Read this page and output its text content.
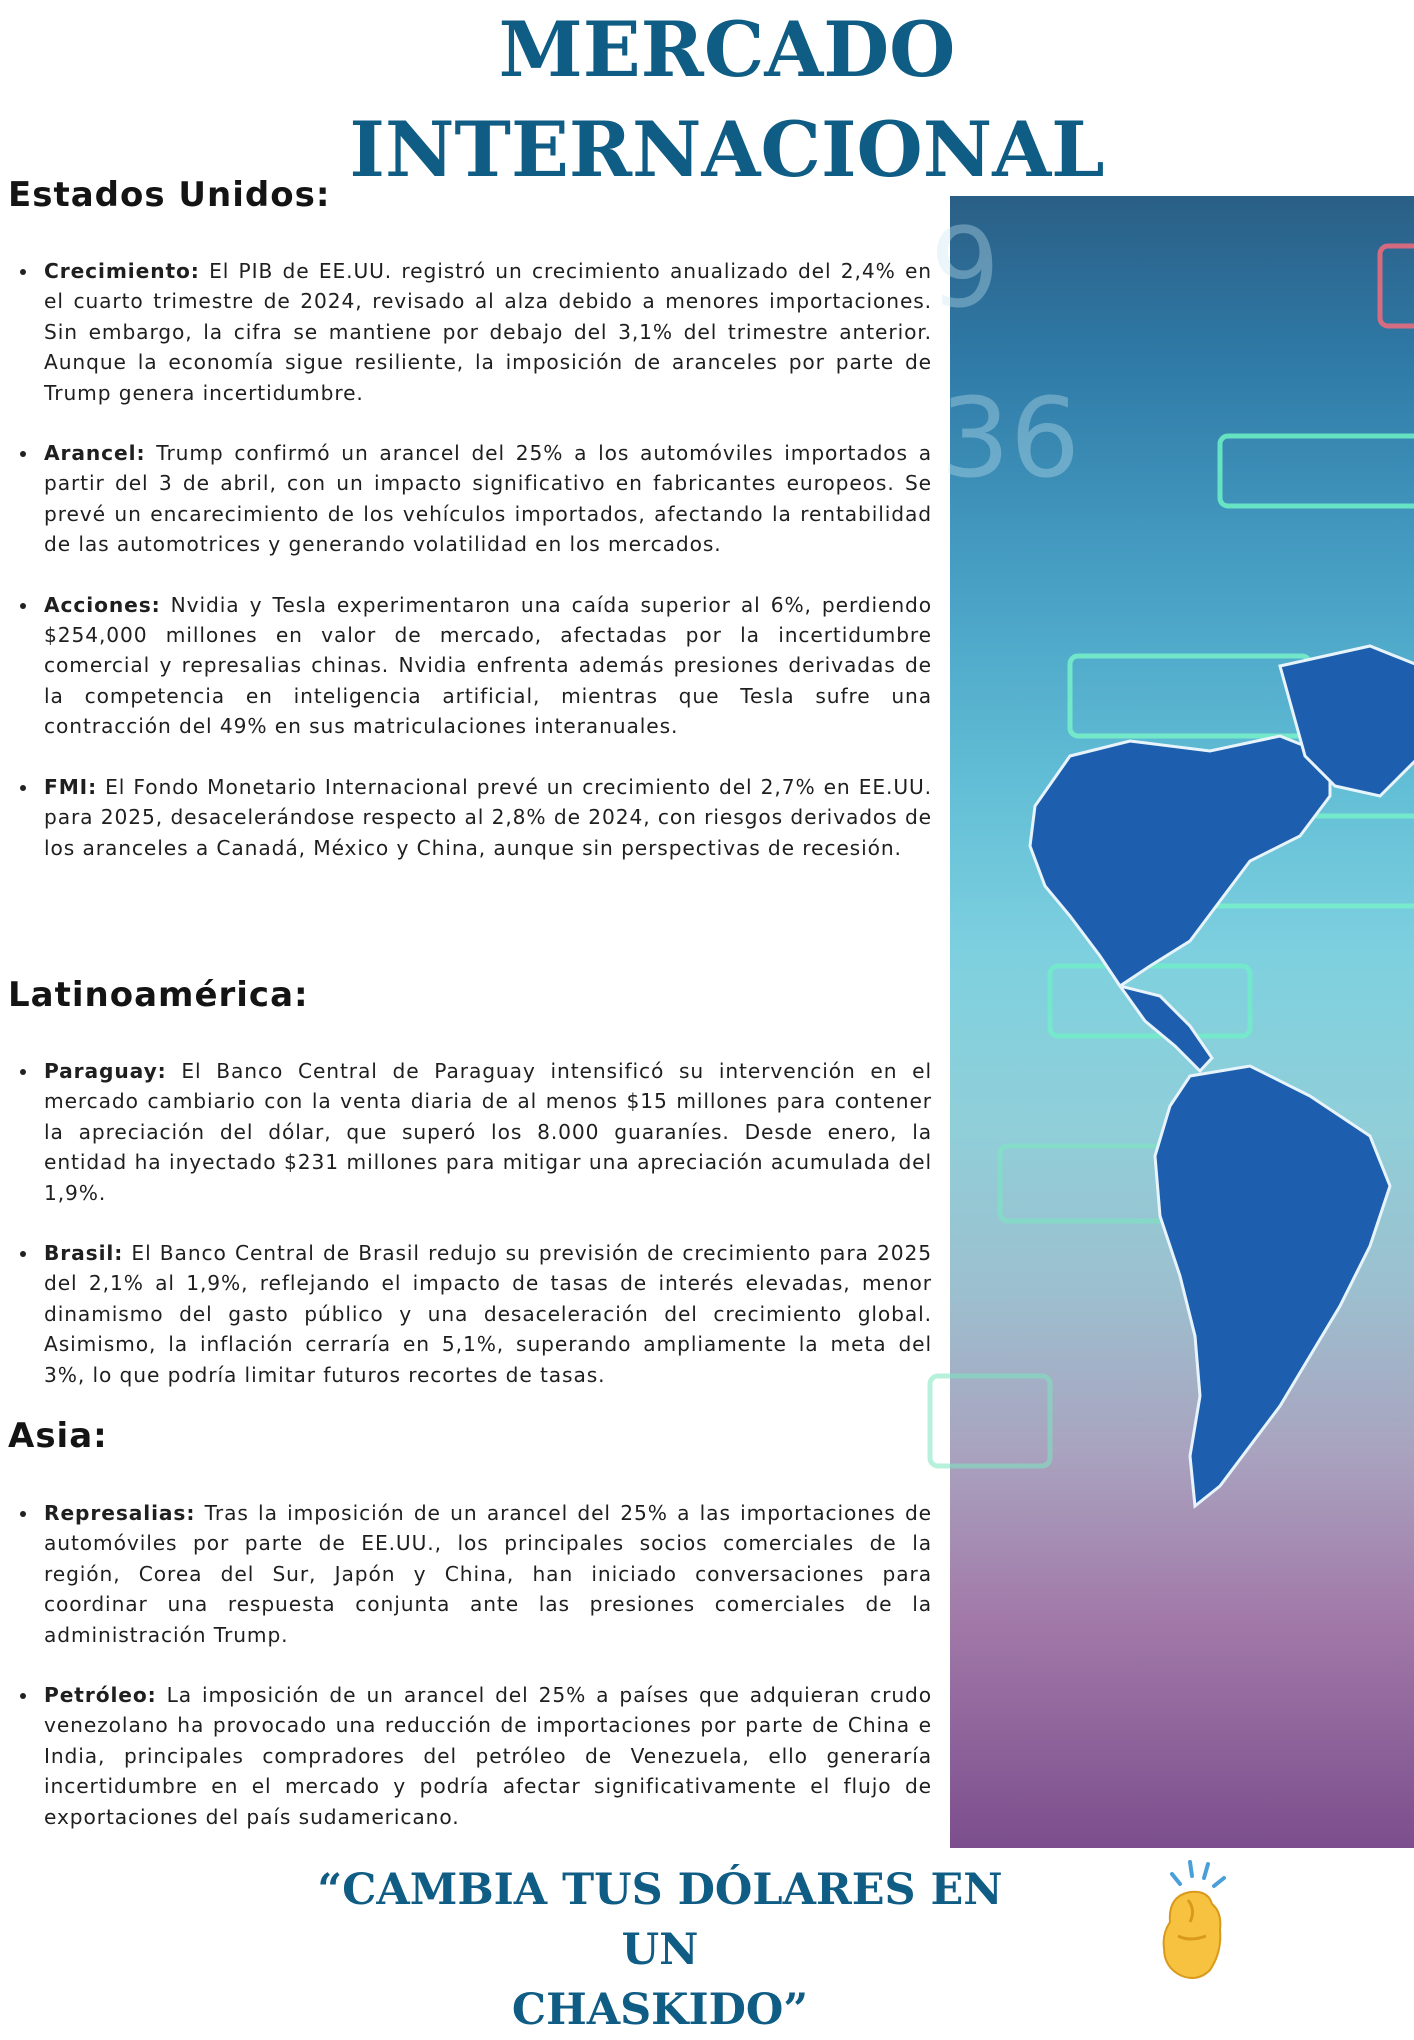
MERCADO
INTERNACIONAL
Estados Unidos:
Crecimiento: El PIB de EE.UU. registró un crecimiento anualizado del 2,4% en el cuarto trimestre de 2024, revisado al alza debido a menores importaciones. Sin embargo, la cifra se mantiene por debajo del 3,1% del trimestre anterior. Aunque la economía sigue resiliente, la imposición de aranceles por parte de Trump genera incertidumbre.
Arancel: Trump confirmó un arancel del 25% a los automóviles importados a partir del 3 de abril, con un impacto significativo en fabricantes europeos. Se prevé un encarecimiento de los vehículos importados, afectando la rentabilidad de las automotrices y generando volatilidad en los mercados.
Acciones: Nvidia y Tesla experimentaron una caída superior al 6%, perdiendo $254,000 millones en valor de mercado, afectadas por la incertidumbre comercial y represalias chinas. Nvidia enfrenta además presiones derivadas de la competencia en inteligencia artificial, mientras que Tesla sufre una contracción del 49% en sus matriculaciones interanuales.
FMI: El Fondo Monetario Internacional prevé un crecimiento del 2,7% en EE.UU. para 2025, desacelerándose respecto al 2,8% de 2024, con riesgos derivados de los aranceles a Canadá, México y China, aunque sin perspectivas de recesión.
Latinoamérica:
Paraguay: El Banco Central de Paraguay intensificó su intervención en el mercado cambiario con la venta diaria de al menos $15 millones para contener la apreciación del dólar, que superó los 8.000 guaraníes. Desde enero, la entidad ha inyectado $231 millones para mitigar una apreciación acumulada del 1,9%.
Brasil: El Banco Central de Brasil redujo su previsión de crecimiento para 2025 del 2,1% al 1,9%, reflejando el impacto de tasas de interés elevadas, menor dinamismo del gasto público y una desaceleración del crecimiento global. Asimismo, la inflación cerraría en 5,1%, superando ampliamente la meta del 3%, lo que podría limitar futuros recortes de tasas.
Asia:
Represalias: Tras la imposición de un arancel del 25% a las importaciones de automóviles por parte de EE.UU., los principales socios comerciales de la región, Corea del Sur, Japón y China, han iniciado conversaciones para coordinar una respuesta conjunta ante las presiones comerciales de la administración Trump.
Petróleo: La imposición de un arancel del 25% a países que adquieran crudo venezolano ha provocado una reducción de importaciones por parte de China e India, principales compradores del petróleo de Venezuela, ello generaría incertidumbre en el mercado y podría afectar significativamente el flujo de exportaciones del país sudamericano.
9
36
“CAMBIA TUS DÓLARES EN UN
CHASKIDO”
